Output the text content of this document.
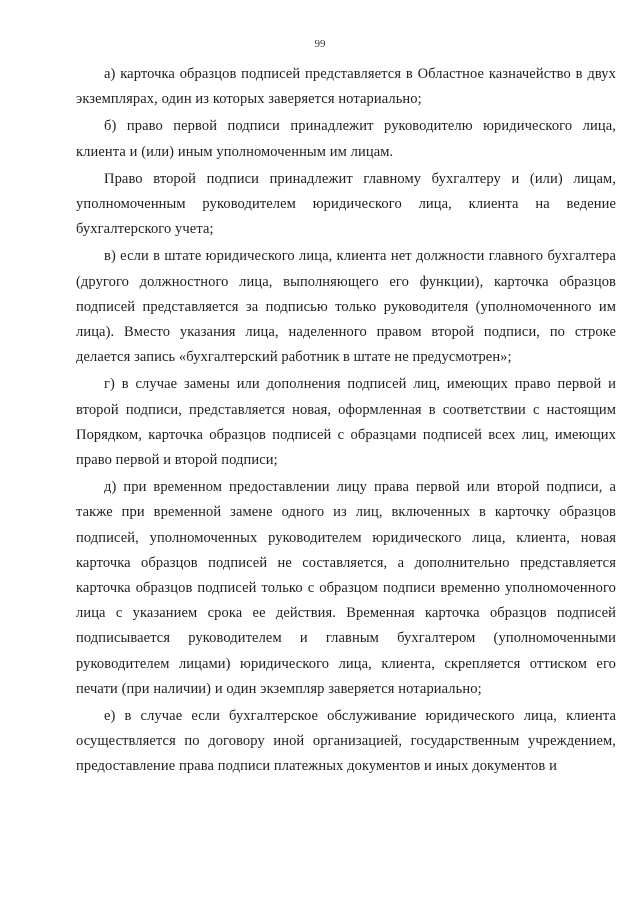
99

а) карточка образцов подписей представляется в Областное казначейство в двух экземплярах, один из которых заверяется нотариально;

б) право первой подписи принадлежит руководителю юридического лица, клиента и (или) иным уполномоченным им лицам.

Право второй подписи принадлежит главному бухгалтеру и (или) лицам, уполномоченным руководителем юридического лица, клиента на ведение бухгалтерского учета;

в) если в штате юридического лица, клиента нет должности главного бухгалтера (другого должностного лица, выполняющего его функции), карточка образцов подписей представляется за подписью только руководителя (уполномоченного им лица). Вместо указания лица, наделенного правом второй подписи, по строке делается запись «бухгалтерский работник в штате не предусмотрен»;

г) в случае замены или дополнения подписей лиц, имеющих право первой и второй подписи, представляется новая, оформленная в соответствии с настоящим Порядком, карточка образцов подписей с образцами подписей всех лиц, имеющих право первой и второй подписи;

д) при временном предоставлении лицу права первой или второй подписи, а также при временной замене одного из лиц, включенных в карточку образцов подписей, уполномоченных руководителем юридического лица, клиента, новая карточка образцов подписей не составляется, а дополнительно представляется карточка образцов подписей только с образцом подписи временно уполномоченного лица с указанием срока ее действия. Временная карточка образцов подписей подписывается руководителем и главным бухгалтером (уполномоченными руководителем лицами) юридического лица, клиента, скрепляется оттиском его печати (при наличии) и один экземпляр заверяется нотариально;

е) в случае если бухгалтерское обслуживание юридического лица, клиента осуществляется по договору иной организацией, государственным учреждением, предоставление права подписи платежных документов и иных документов и
